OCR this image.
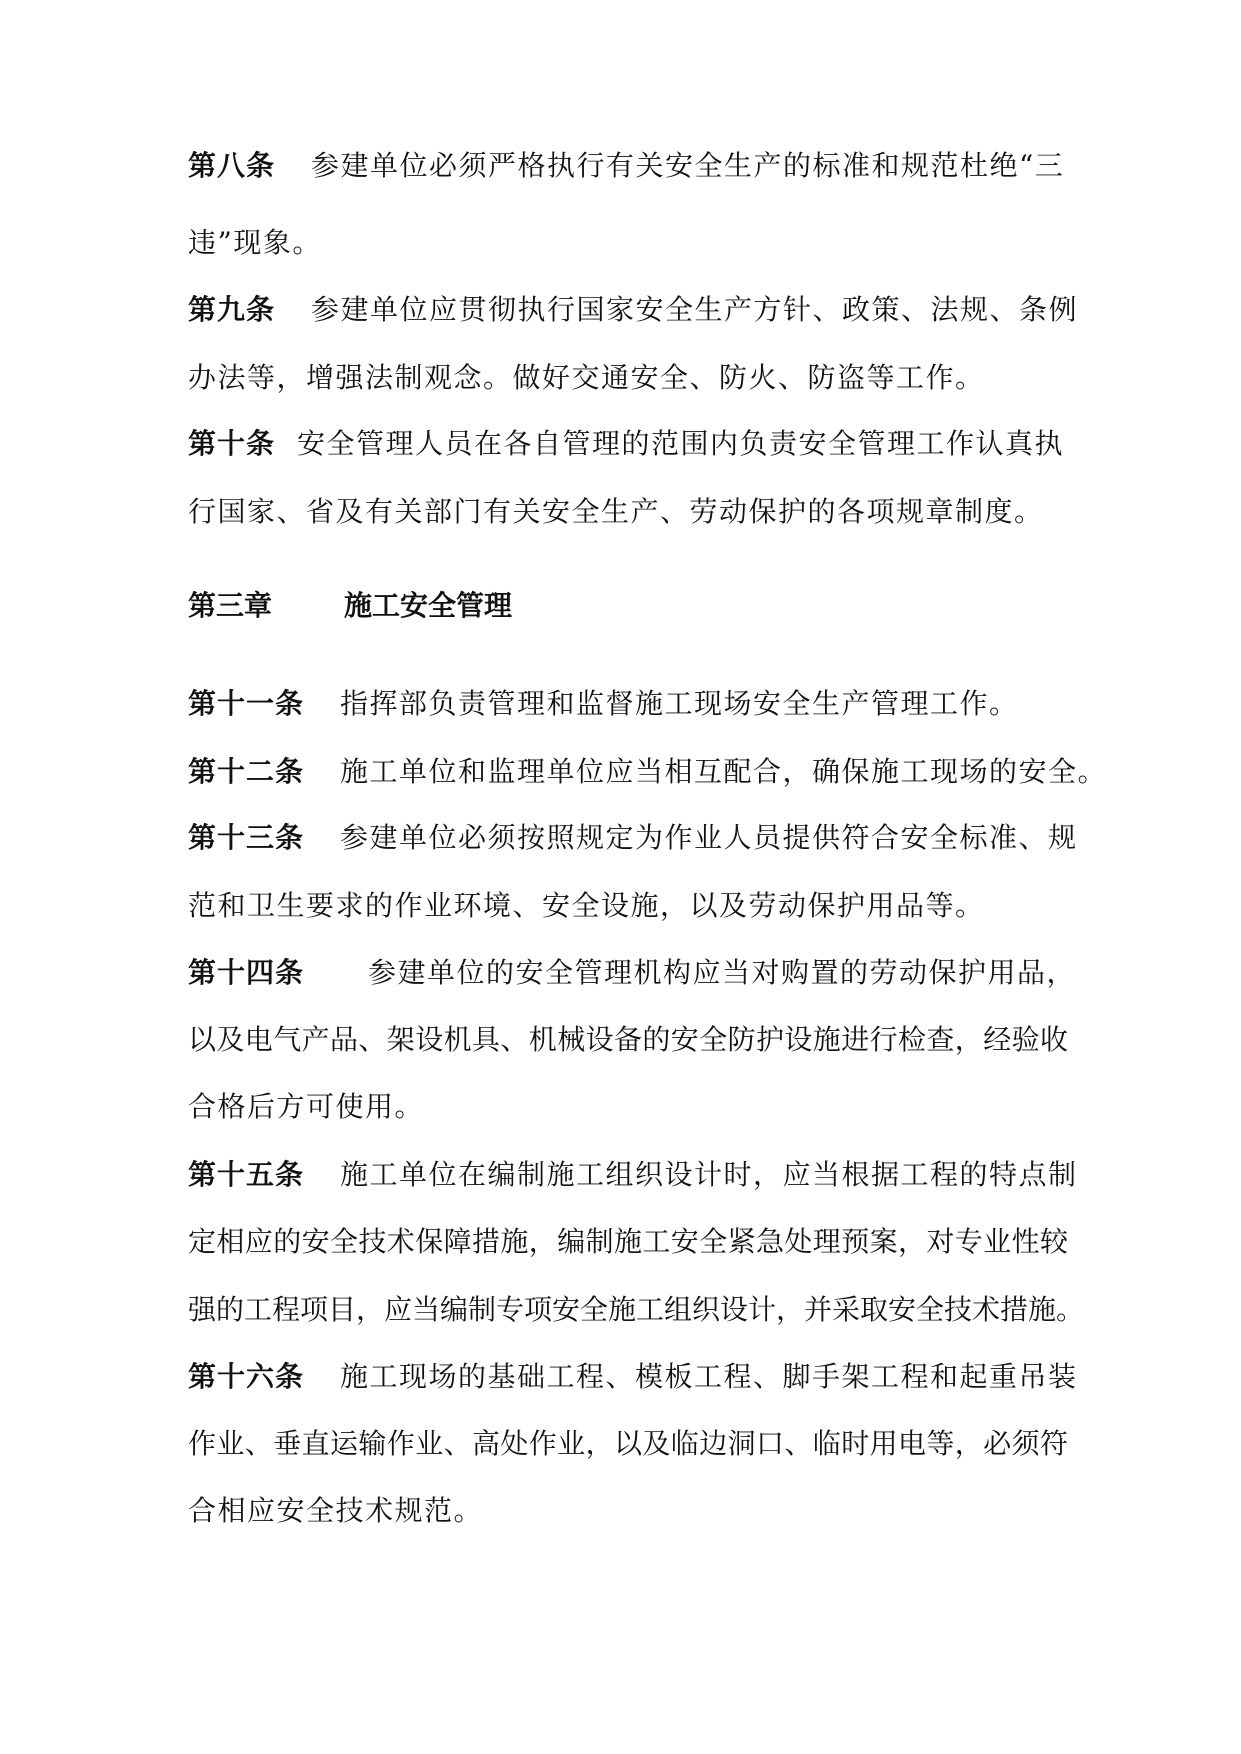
第八条 参建单位必须严格执行有关安全生产的标准和规范杜绝“三
违”现象。
第九条 参建单位应贯彻执行国家安全生产方针、政策、法规、条例
办法等，增强法制观念。做好交通安全、防火、防盗等工作。
第十条 安全管理人员在各自管理的范围内负责安全管理工作认真执
行国家、省及有关部门有关安全生产、劳动保护的各项规章制度。
第三章	施工安全管理
第十一条 指挥部负责管理和监督施工现场安全生产管理工作。
第十二条 施工单位和监理单位应当相互配合，确保施工现场的安全。
第十三条 参建单位必须按照规定为作业人员提供符合安全标准、规
范和卫生要求的作业环境、安全设施，以及劳动保护用品等。
第十四条 参建单位的安全管理机构应当对购置的劳动保护用品，
以及电气产品、架设机具、机械设备的安全防护设施进行检查，经验收
合格后方可使用。
第十五条 施工单位在编制施工组织设计时，应当根据工程的特点制
定相应的安全技术保障措施，编制施工安全紧急处理预案，对专业性较
强的工程项目，应当编制专项安全施工组织设计，并采取安全技术措施。
第十六条 施工现场的基础工程、模板工程、脚手架工程和起重吊装
作业、垂直运输作业、高处作业，以及临边洞口、临时用电等，必须符
合相应安全技术规范。
